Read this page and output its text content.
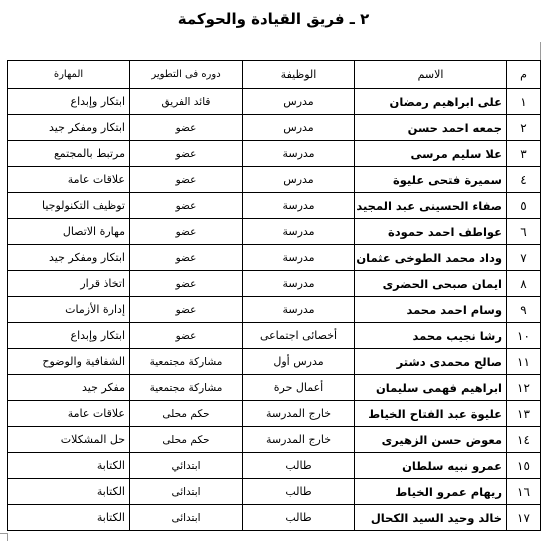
٢ ـ فريق القيادة والحوكمة
م	الاسم	الوظيفة	دوره فى التطوير	المهارة
١	على ابراهيم رمضان	مدرس	قائد الفريق	ابتكار وإبداع
٢	جمعه احمد حسن	مدرس	عضو	ابتكار ومفكر جيد
٣	علا سليم مرسى	مدرسة	عضو	مرتبط بالمجتمع
٤	سميرة فتحى عليوة	مدرس	عضو	علاقات عامة
٥	صفاء الحسينى عبد المجيد	مدرسة	عضو	توظيف التكنولوجيا
٦	عواطف احمد حمودة	مدرسة	عضو	مهارة الاتصال
٧	وداد محمد الطوخى عثمان	مدرسة	عضو	ابتكار ومفكر جيد
٨	ايمان صبحى الحضرى	مدرسة	عضو	اتخاذ قرار
٩	وسام احمد محمد	مدرسة	عضو	إدارة الأزمات
١٠	رشا نجيب محمد	أخصائى اجتماعى	عضو	ابتكار وإبداع
١١	صالح محمدى دشتر	مدرس أول	مشاركة مجتمعية	الشفافية والوضوح
١٢	ابراهيم فهمى سليمان	أعمال حرة	مشاركة مجتمعية	مفكر جيد
١٣	عليوة عبد الفتاح الخياط	خارج المدرسة	حكم محلى	علاقات عامة
١٤	معوض حسن الزهيرى	خارج المدرسة	حكم محلى	حل المشكلات
١٥	عمرو نبيه سلطان	طالب	ابتدائي	الكتابة
١٦	ريهام عمرو الخياط	طالب	ابتدائى	الكتابة
١٧	خالد وحيد السيد الكحال	طالب	ابتدائى	الكتابة
